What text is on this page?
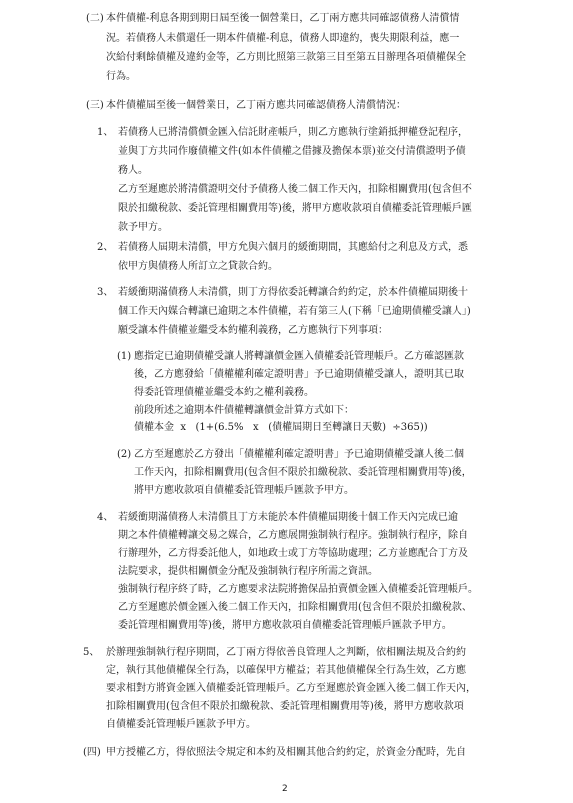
(二) 本件債權-利息各期到期日屆至後一個營業日，乙丁兩方應共同確認債務人清償情
況。若債務人未償還任一期本件債權-利息，債務人即違約，喪失期限利益，應一
次給付剩餘債權及違約金等，乙方則比照第三款第三目至第五目辦理各項債權保全
行為。
(三) 本件債權屆至後一個營業日，乙丁兩方應共同確認債務人清償情況：
1、 若債務人已將清償價金匯入信託財產帳戶，則乙方應執行塗銷抵押權登記程序，
並與丁方共同作廢債權文件(如本件債權之借據及擔保本票)並交付清償證明予債
務人。
乙方至遲應於將清償證明交付予債務人後二個工作天內，扣除相關費用(包含但不
限於扣繳稅款、委託管理相關費用等)後，將甲方應收款項自債權委託管理帳戶匯
款予甲方。
2、 若債務人屆期未清償，甲方允與六個月的緩衝期間，其應給付之利息及方式，悉
依甲方與債務人所訂立之貸款合約。
3、 若緩衝期滿債務人未清償，則丁方得依委託轉讓合約約定，於本件債權屆期後十
個工作天內媒合轉讓已逾期之本件債權，若有第三人(下稱「已逾期債權受讓人」)
願受讓本件債權並繼受本約權利義務，乙方應執行下列事項：
(1) 應指定已逾期債權受讓人將轉讓價金匯入債權委託管理帳戶。乙方確認匯款
後，乙方應發給「債權權利確定證明書」予已逾期債權受讓人，證明其已取
得委託管理債權並繼受本約之權利義務。
前段所述之逾期本件債權轉讓價金計算方式如下：
債權本金  x   (1+(6.5%   x   (債權屆期日至轉讓日天數)  ÷365))
(2) 乙方至遲應於乙方發出「債權權利確定證明書」予已逾期債權受讓人後二個
工作天內，扣除相關費用(包含但不限於扣繳稅款、委託管理相關費用等)後，
將甲方應收款項自債權委託管理帳戶匯款予甲方。
4、 若緩衝期滿債務人未清償且丁方未能於本件債權屆期後十個工作天內完成已逾
期之本件債權轉讓交易之媒合，乙方應展開強制執行程序。強制執行程序，除自
行辦理外，乙方得委託他人，如地政士或丁方等協助處理；乙方並應配合丁方及
法院要求，提供相關價金分配及強制執行程序所需之資訊。
強制執行程序終了時，乙方應要求法院將擔保品拍賣價金匯入債權委託管理帳戶。
乙方至遲應於價金匯入後二個工作天內，扣除相關費用(包含但不限於扣繳稅款、
委託管理相關費用等)後，將甲方應收款項自債權委託管理帳戶匯款予甲方。
5、 於辦理強制執行程序期間，乙丁兩方得依善良管理人之判斷，依相關法規及合約約
定，執行其他債權保全行為，以確保甲方權益；若其他債權保全行為生效，乙方應
要求相對方將資金匯入債權委託管理帳戶。乙方至遲應於資金匯入後二個工作天內，
扣除相關費用(包含但不限於扣繳稅款、委託管理相關費用等)後，將甲方應收款項
自債權委託管理帳戶匯款予甲方。
(四) 甲方授權乙方，得依照法令規定和本約及相關其他合約約定，於資金分配時，先自
2
